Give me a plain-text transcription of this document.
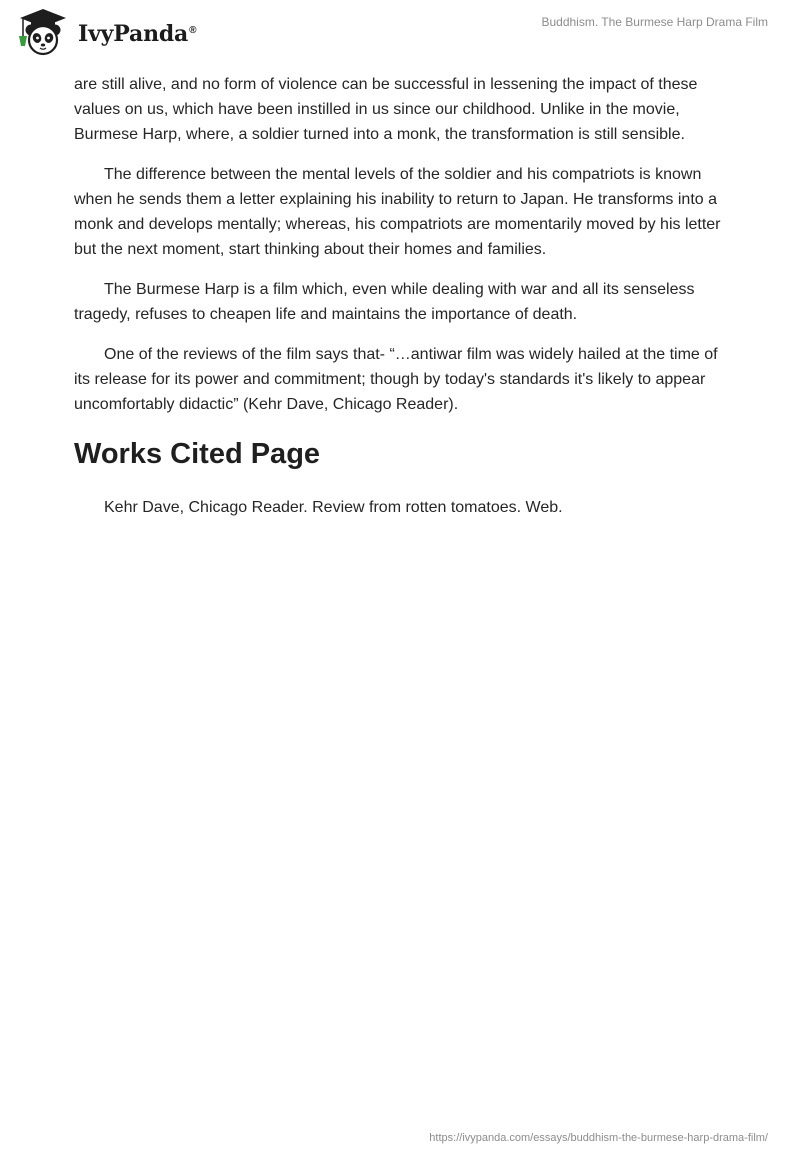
IvyPanda®
Buddhism. The Burmese Harp Drama Film

are still alive, and no form of violence can be successful in lessening the impact of these values on us, which have been instilled in us since our childhood. Unlike in the movie, Burmese Harp, where, a soldier turned into a monk, the transformation is still sensible.

The difference between the mental levels of the soldier and his compatriots is known when he sends them a letter explaining his inability to return to Japan. He transforms into a monk and develops mentally; whereas, his compatriots are momentarily moved by his letter but the next moment, start thinking about their homes and families.

The Burmese Harp is a film which, even while dealing with war and all its senseless tragedy, refuses to cheapen life and maintains the importance of death.

One of the reviews of the film says that- “…antiwar film was widely hailed at the time of its release for its power and commitment; though by today's standards it's likely to appear uncomfortably didactic” (Kehr Dave, Chicago Reader).

Works Cited Page

Kehr Dave, Chicago Reader. Review from rotten tomatoes. Web.

https://ivypanda.com/essays/buddhism-the-burmese-harp-drama-film/
